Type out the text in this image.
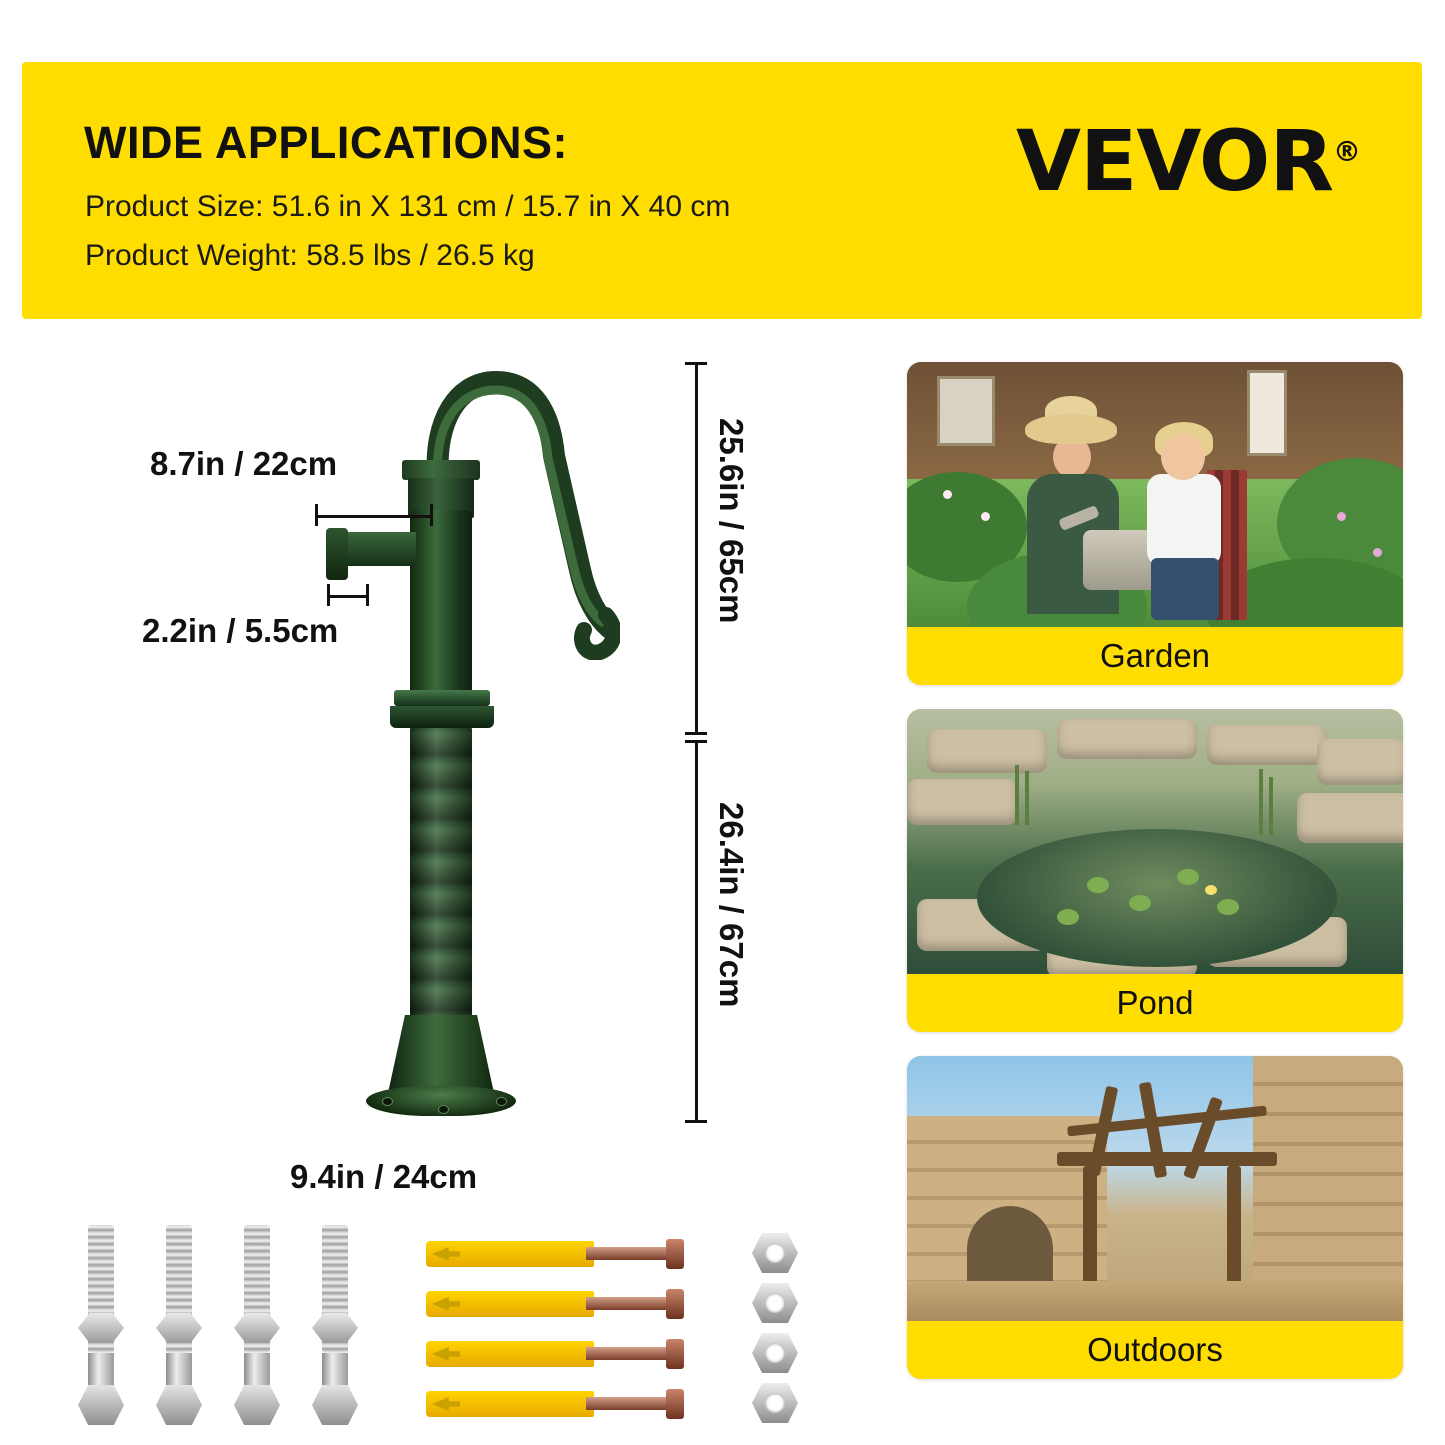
WIDE APPLICATIONS:
Product Size: 51.6 in X 131 cm / 15.7 in X 40 cm
Product Weight: 58.5 lbs / 26.5 kg
VEVOR®
8.7in / 22cm
2.2in / 5.5cm
25.6in / 65cm
26.4in / 67cm
9.4in / 24cm
Garden
Pond
Outdoors
